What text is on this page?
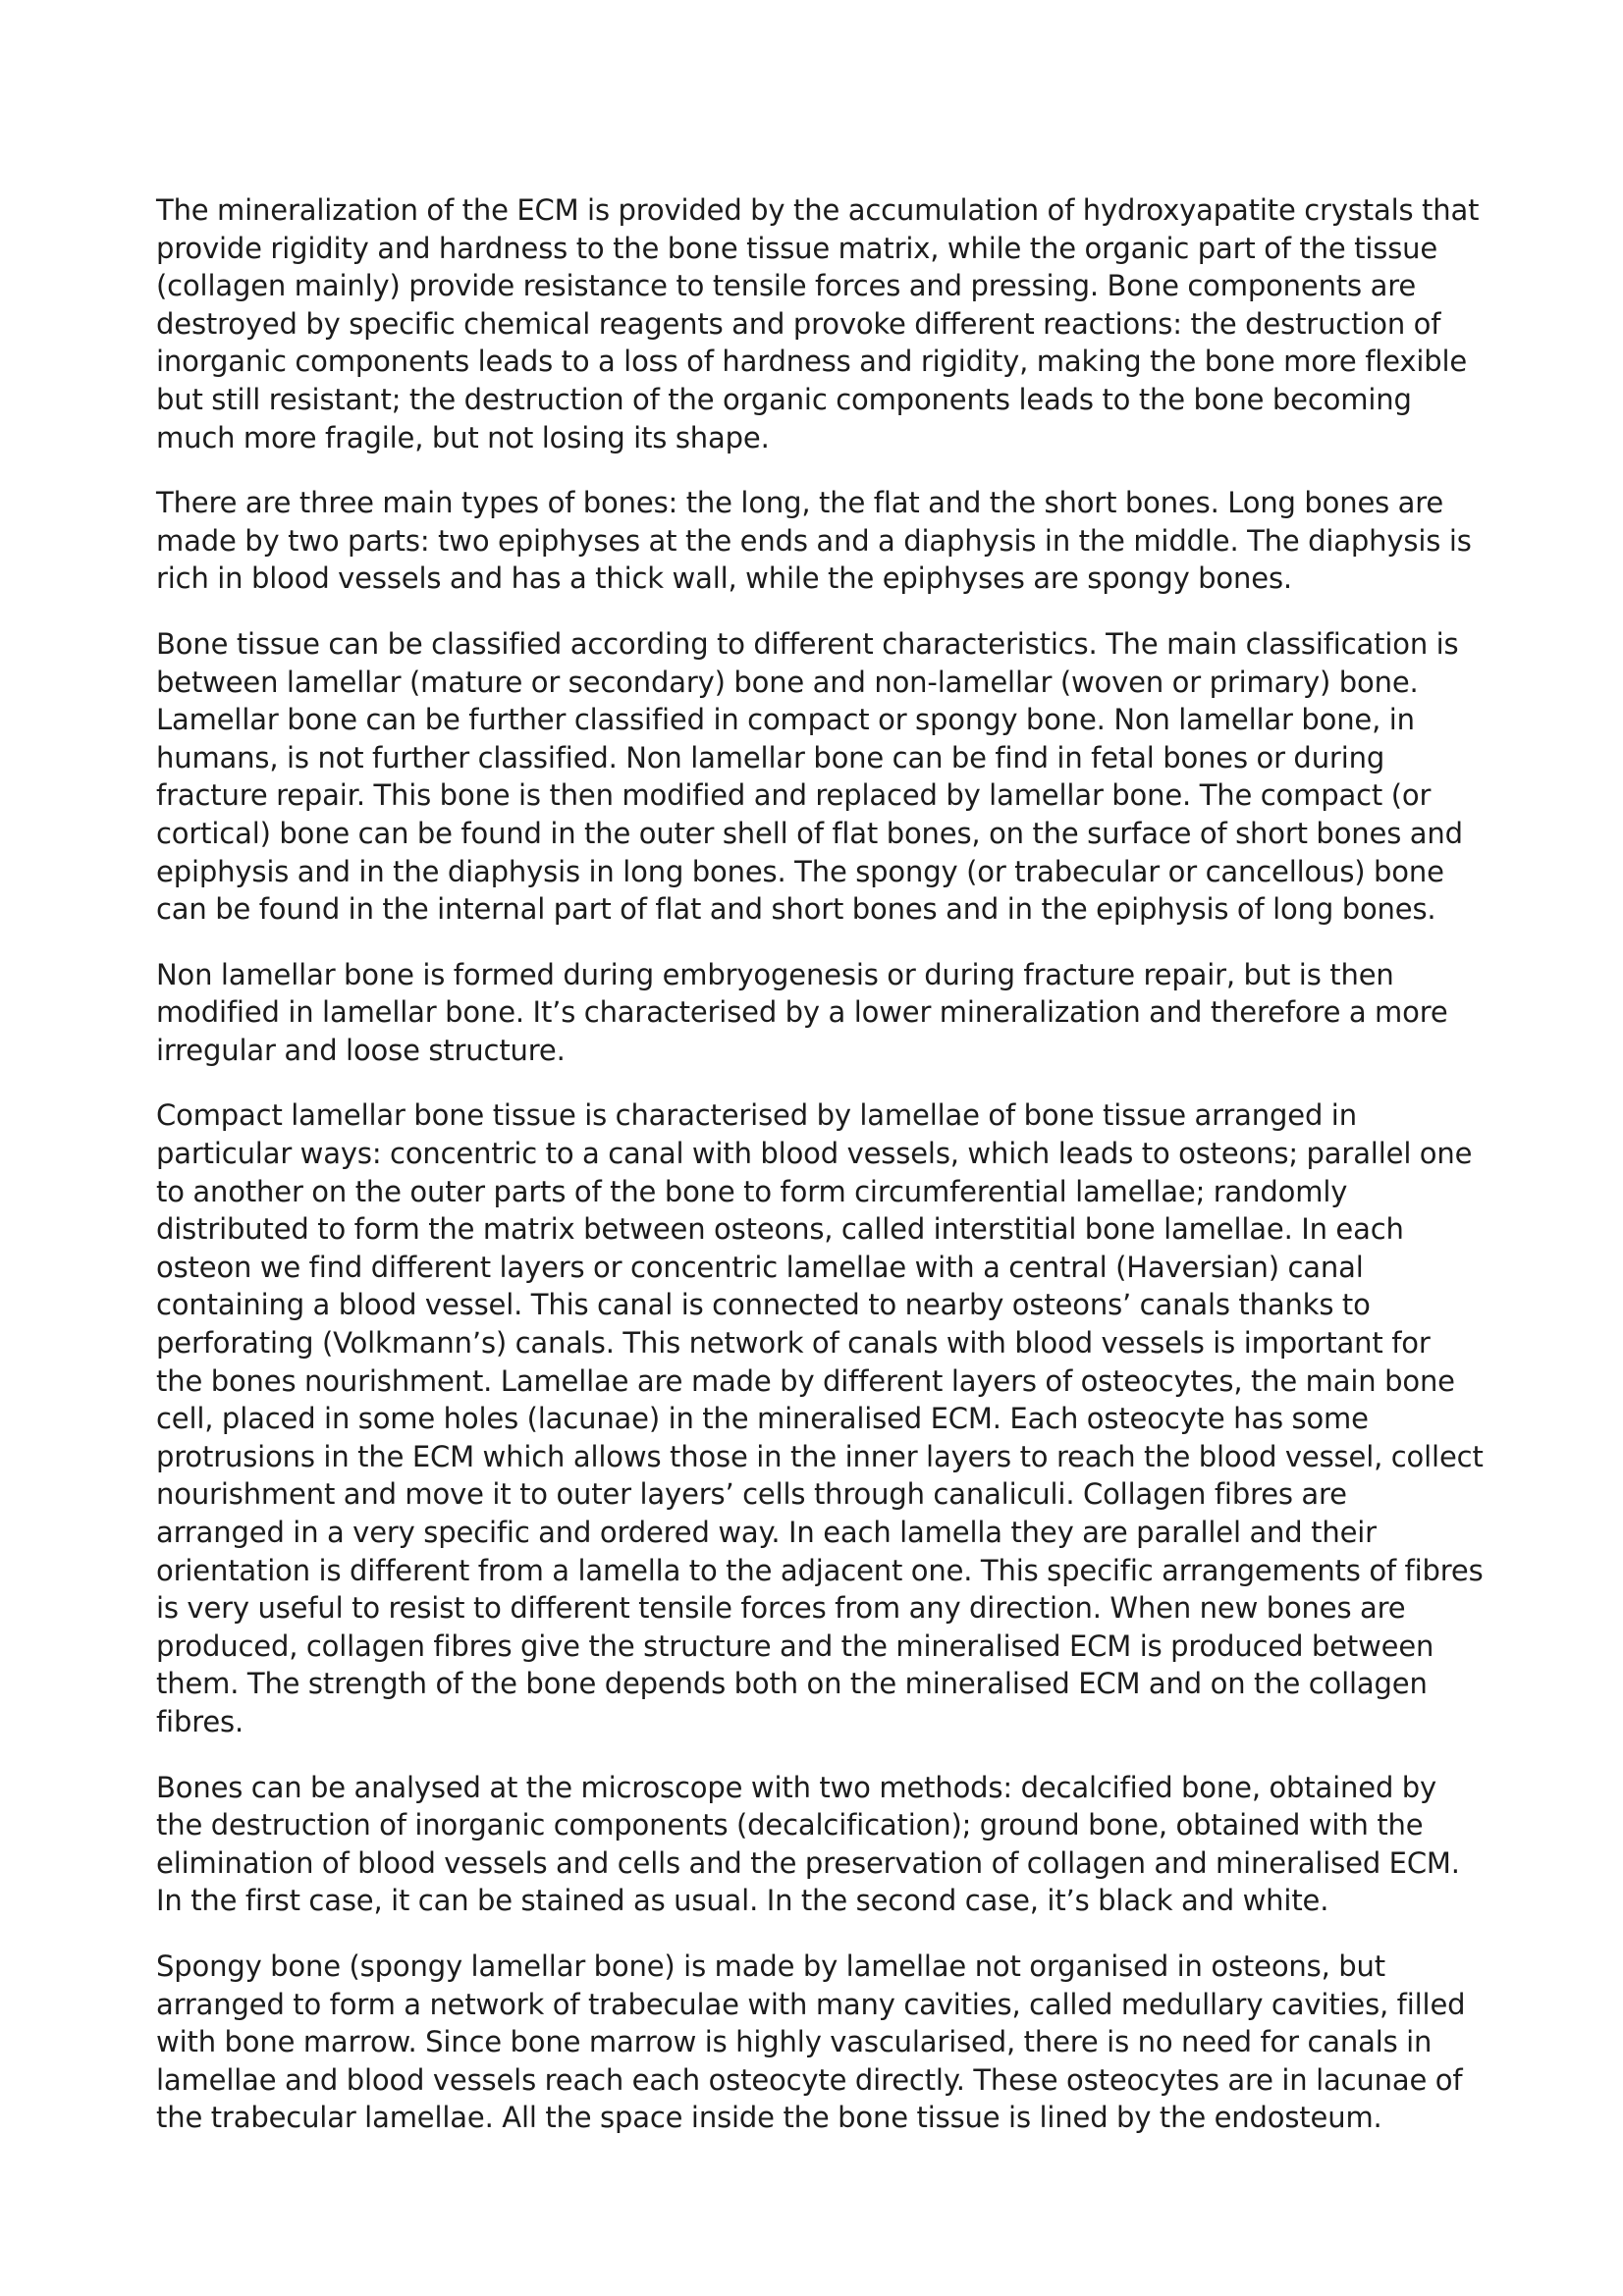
The mineralization of the ECM is provided by the accumulation of hydroxyapatite crystals that provide rigidity and hardness to the bone tissue matrix, while the organic part of the tissue (collagen mainly) provide resistance to tensile forces and pressing. Bone components are destroyed by specific chemical reagents and provoke different reactions: the destruction of inorganic components leads to a loss of hardness and rigidity, making the bone more flexible but still resistant; the destruction of the organic components leads to the bone becoming much more fragile, but not losing its shape.

There are three main types of bones: the long, the flat and the short bones. Long bones are made by two parts: two epiphyses at the ends and a diaphysis in the middle. The diaphysis is rich in blood vessels and has a thick wall, while the epiphyses are spongy bones.

Bone tissue can be classified according to different characteristics. The main classification is between lamellar (mature or secondary) bone and non-lamellar (woven or primary) bone. Lamellar bone can be further classified in compact or spongy bone. Non lamellar bone, in humans, is not further classified. Non lamellar bone can be find in fetal bones or during fracture repair. This bone is then modified and replaced by lamellar bone. The compact (or cortical) bone can be found in the outer shell of flat bones, on the surface of short bones and epiphysis and in the diaphysis in long bones. The spongy (or trabecular or cancellous) bone can be found in the internal part of flat and short bones and in the epiphysis of long bones.

Non lamellar bone is formed during embryogenesis or during fracture repair, but is then modified in lamellar bone. It’s characterised by a lower mineralization and therefore a more irregular and loose structure.

Compact lamellar bone tissue is characterised by lamellae of bone tissue arranged in particular ways: concentric to a canal with blood vessels, which leads to osteons; parallel one to another on the outer parts of the bone to form circumferential lamellae; randomly distributed to form the matrix between osteons, called interstitial bone lamellae. In each osteon we find different layers or concentric lamellae with a central (Haversian) canal containing a blood vessel. This canal is connected to nearby osteons’ canals thanks to perforating (Volkmann’s) canals. This network of canals with blood vessels is important for the bones nourishment. Lamellae are made by different layers of osteocytes, the main bone cell, placed in some holes (lacunae) in the mineralised ECM. Each osteocyte has some protrusions in the ECM which allows those in the inner layers to reach the blood vessel, collect nourishment and move it to outer layers’ cells through canaliculi. Collagen fibres are arranged in a very specific and ordered way. In each lamella they are parallel and their orientation is different from a lamella to the adjacent one. This specific arrangements of fibres is very useful to resist to different tensile forces from any direction. When new bones are produced, collagen fibres give the structure and the mineralised ECM is produced between them. The strength of the bone depends both on the mineralised ECM and on the collagen fibres.

Bones can be analysed at the microscope with two methods: decalcified bone, obtained by the destruction of inorganic components (decalcification); ground bone, obtained with the elimination of blood vessels and cells and the preservation of collagen and mineralised ECM. In the first case, it can be stained as usual. In the second case, it’s black and white.

Spongy bone (spongy lamellar bone) is made by lamellae not organised in osteons, but arranged to form a network of trabeculae with many cavities, called medullary cavities, filled with bone marrow. Since bone marrow is highly vascularised, there is no need for canals in lamellae and blood vessels reach each osteocyte directly. These osteocytes are in lacunae of the trabecular lamellae. All the space inside the bone tissue is lined by the endosteum.
